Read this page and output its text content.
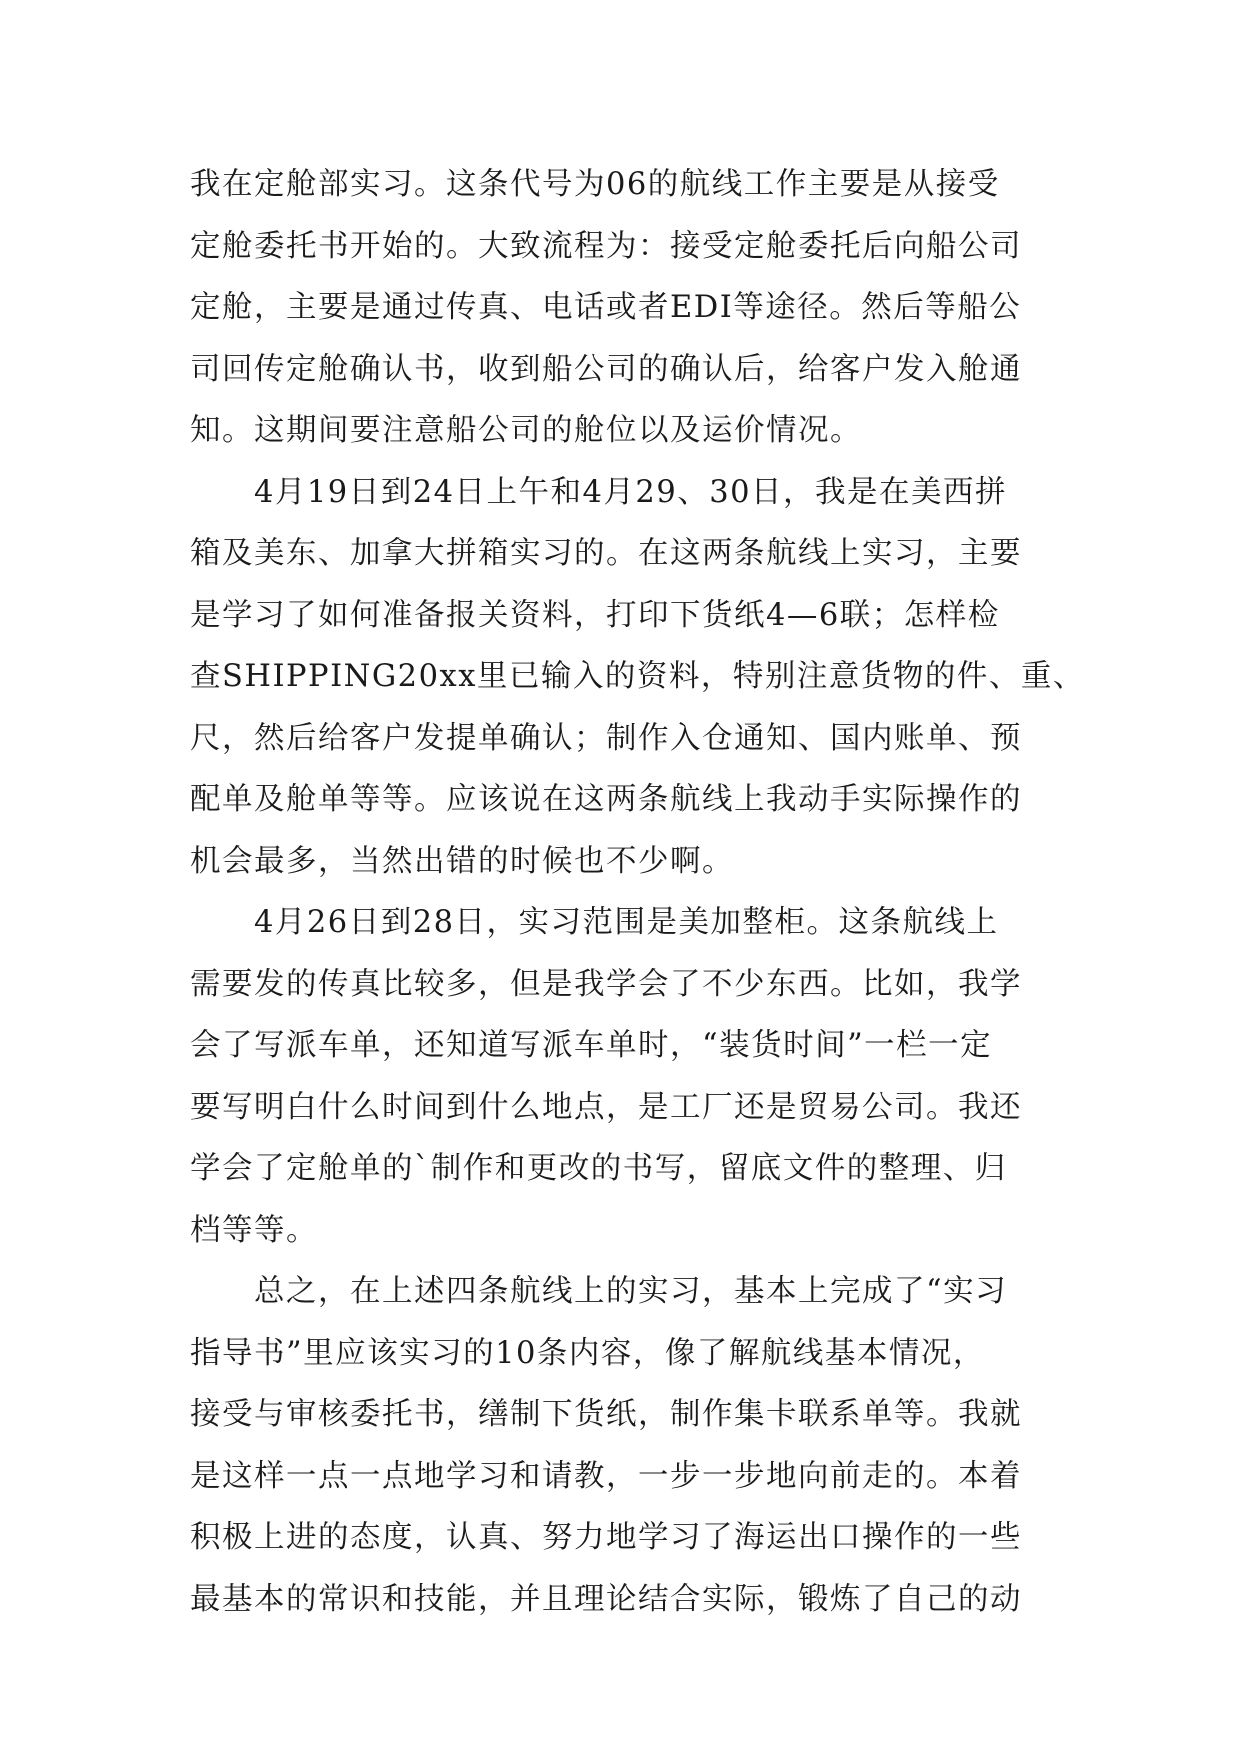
我在定舱部实习。这条代号为06的航线工作主要是从接受
定舱委托书开始的。大致流程为：接受定舱委托后向船公司
定舱，主要是通过传真、电话或者EDI等途径。然后等船公
司回传定舱确认书，收到船公司的确认后，给客户发入舱通
知。这期间要注意船公司的舱位以及运价情况。
　　4月19日到24日上午和4月29、30日，我是在美西拼
箱及美东、加拿大拼箱实习的。在这两条航线上实习，主要
是学习了如何准备报关资料，打印下货纸4—6联；怎样检
查SHIPPING20xx里已输入的资料，特别注意货物的件、重、
尺，然后给客户发提单确认；制作入仓通知、国内账单、预
配单及舱单等等。应该说在这两条航线上我动手实际操作的
机会最多，当然出错的时候也不少啊。
　　4月26日到28日，实习范围是美加整柜。这条航线上
需要发的传真比较多，但是我学会了不少东西。比如，我学
会了写派车单，还知道写派车单时，“装货时间”一栏一定
要写明白什么时间到什么地点，是工厂还是贸易公司。我还
学会了定舱单的`制作和更改的书写，留底文件的整理、归
档等等。
　　总之，在上述四条航线上的实习，基本上完成了“实习
指导书”里应该实习的10条内容，像了解航线基本情况，
接受与审核委托书，缮制下货纸，制作集卡联系单等。我就
是这样一点一点地学习和请教，一步一步地向前走的。本着
积极上进的态度，认真、努力地学习了海运出口操作的一些
最基本的常识和技能，并且理论结合实际，锻炼了自己的动
